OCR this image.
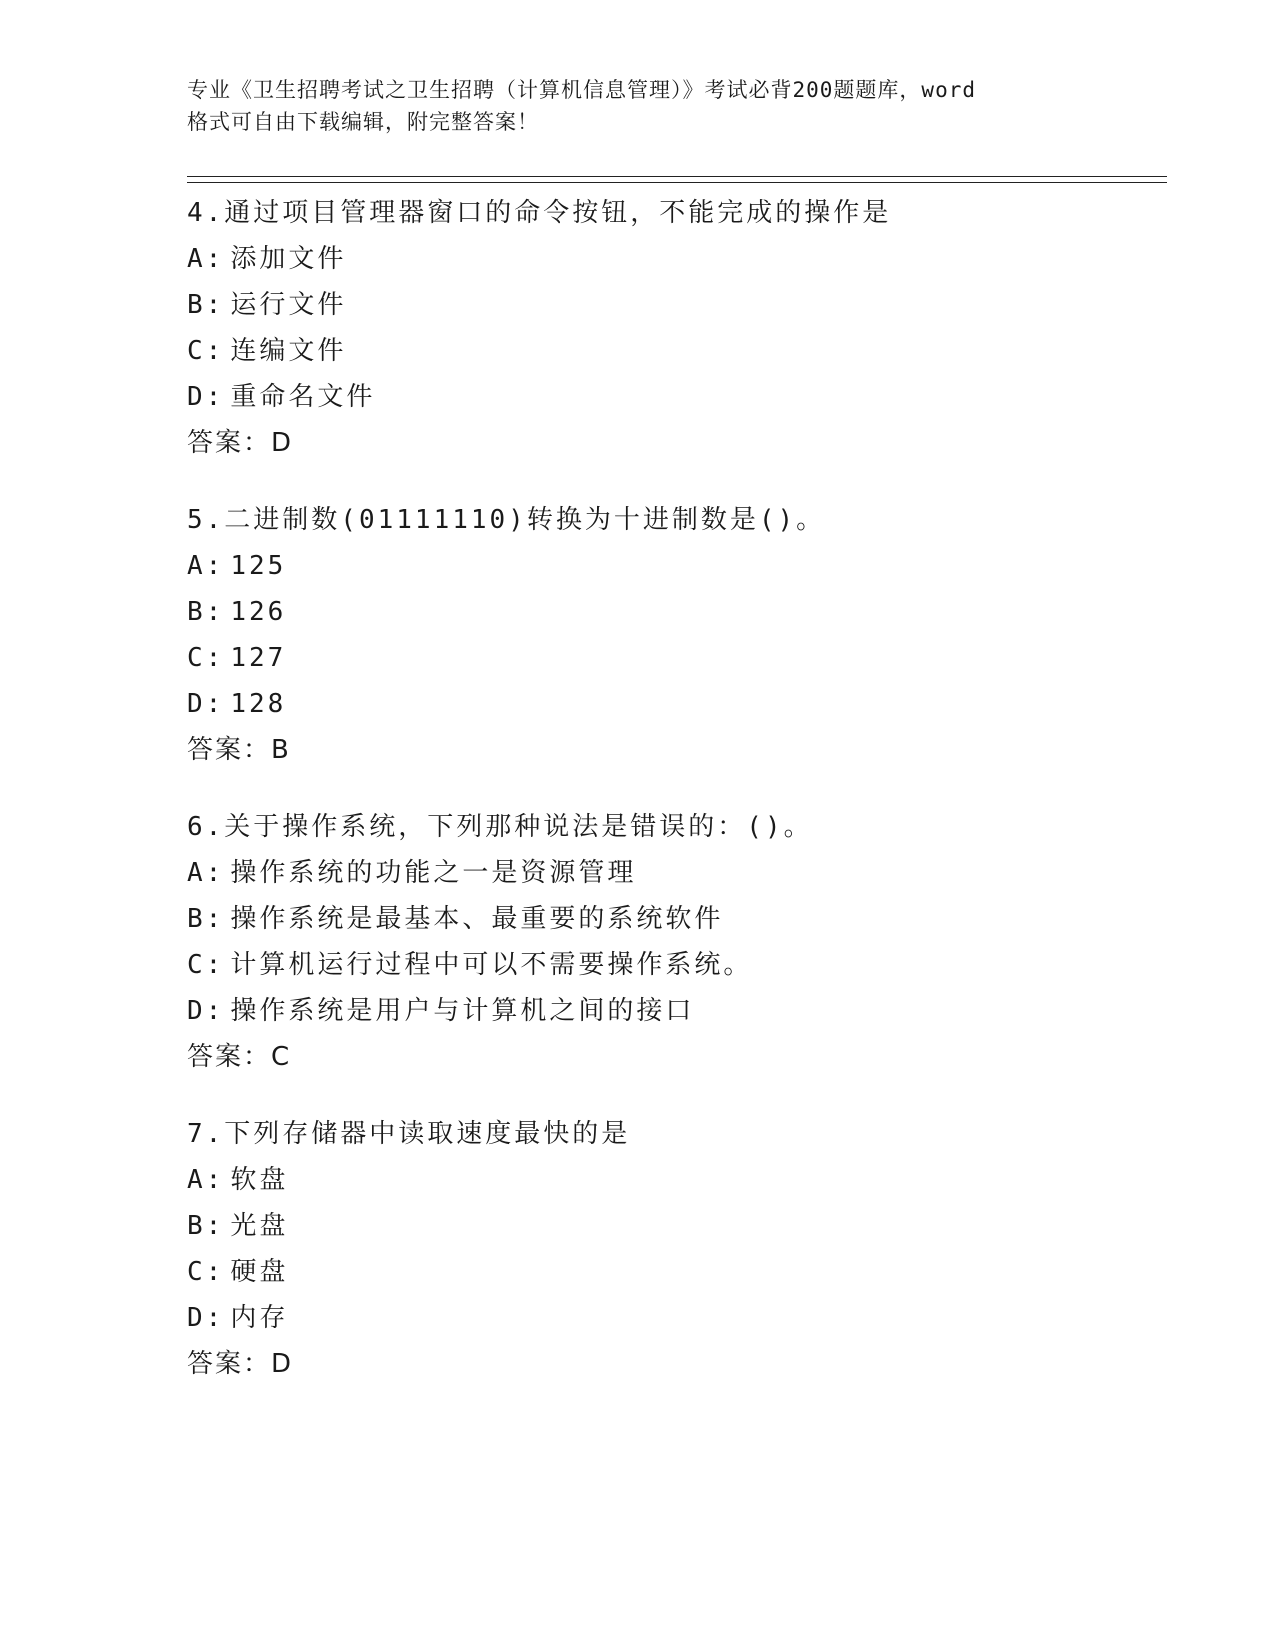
专业《卫生招聘考试之卫生招聘（计算机信息管理）》考试必背200题题库，word
格式可自由下载编辑，附完整答案！
4.通过项目管理器窗口的命令按钮，不能完成的操作是
A: 添加文件
B: 运行文件
C: 连编文件
D: 重命名文件
答案：D
5.二进制数(01111110)转换为十进制数是()。
A: 125
B: 126
C: 127
D: 128
答案：B
6.关于操作系统，下列那种说法是错误的：()。
A: 操作系统的功能之一是资源管理
B: 操作系统是最基本、最重要的系统软件
C: 计算机运行过程中可以不需要操作系统。
D: 操作系统是用户与计算机之间的接口
答案：C
7.下列存储器中读取速度最快的是
A: 软盘
B: 光盘
C: 硬盘
D: 内存
答案：D
